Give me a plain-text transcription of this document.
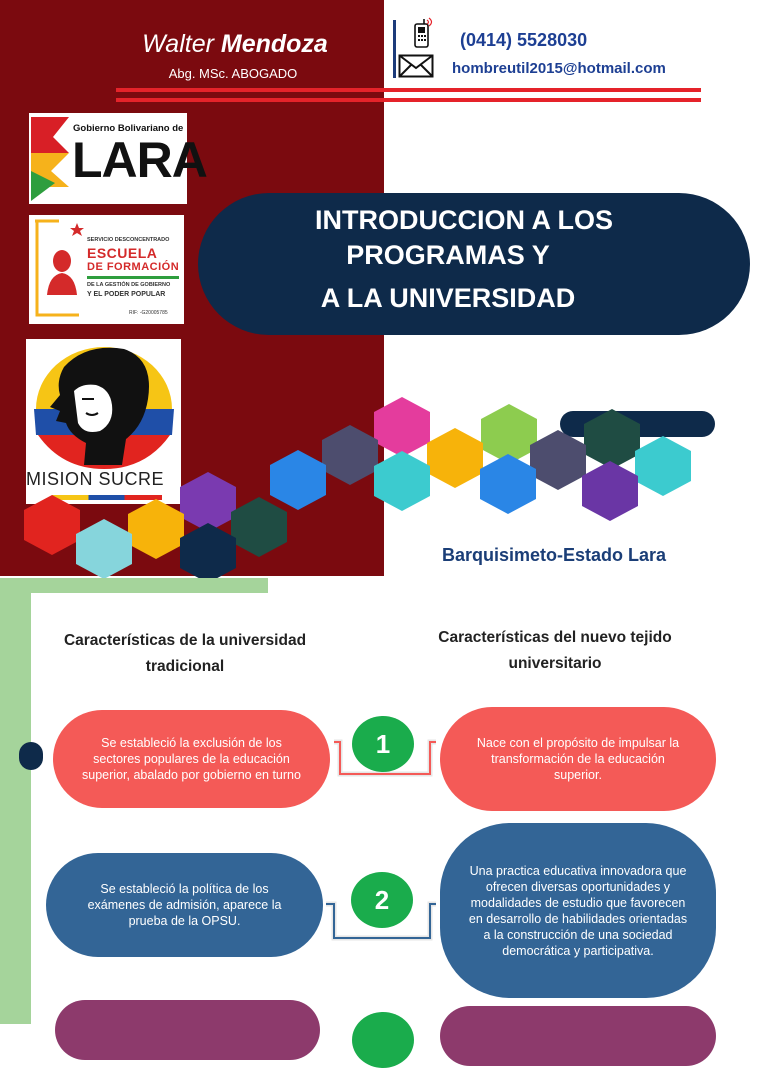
Walter Mendoza
Abg. MSc. ABOGADO
(0414) 5528030
hombreutil2015@hotmail.com
Gobierno Bolivariano de
LARA
SERVICIO DESCONCENTRADO
ESCUELA
DE FORMACIÓN
DE LA GESTIÓN DE GOBIERNO
Y EL PODER POPULAR
RIF: -G20005785
MISION SUCRE
INTRODUCCION A LOS
PROGRAMAS Y
A LA UNIVERSIDAD
Barquisimeto-Estado Lara
Características de la universidad tradicional
Características del nuevo tejido universitario
Se estableció la exclusión de los sectores populares de la educación superior, abalado por gobierno en turno
Nace con el propósito de impulsar la transformación de la educación superior.
1
Se estableció la política de los exámenes de admisión, aparece la prueba de la OPSU.
Una practica educativa innovadora que ofrecen diversas oportunidades y modalidades de estudio que favorecen en desarrollo de habilidades orientadas a la construcción de una sociedad democrática y participativa.
2
